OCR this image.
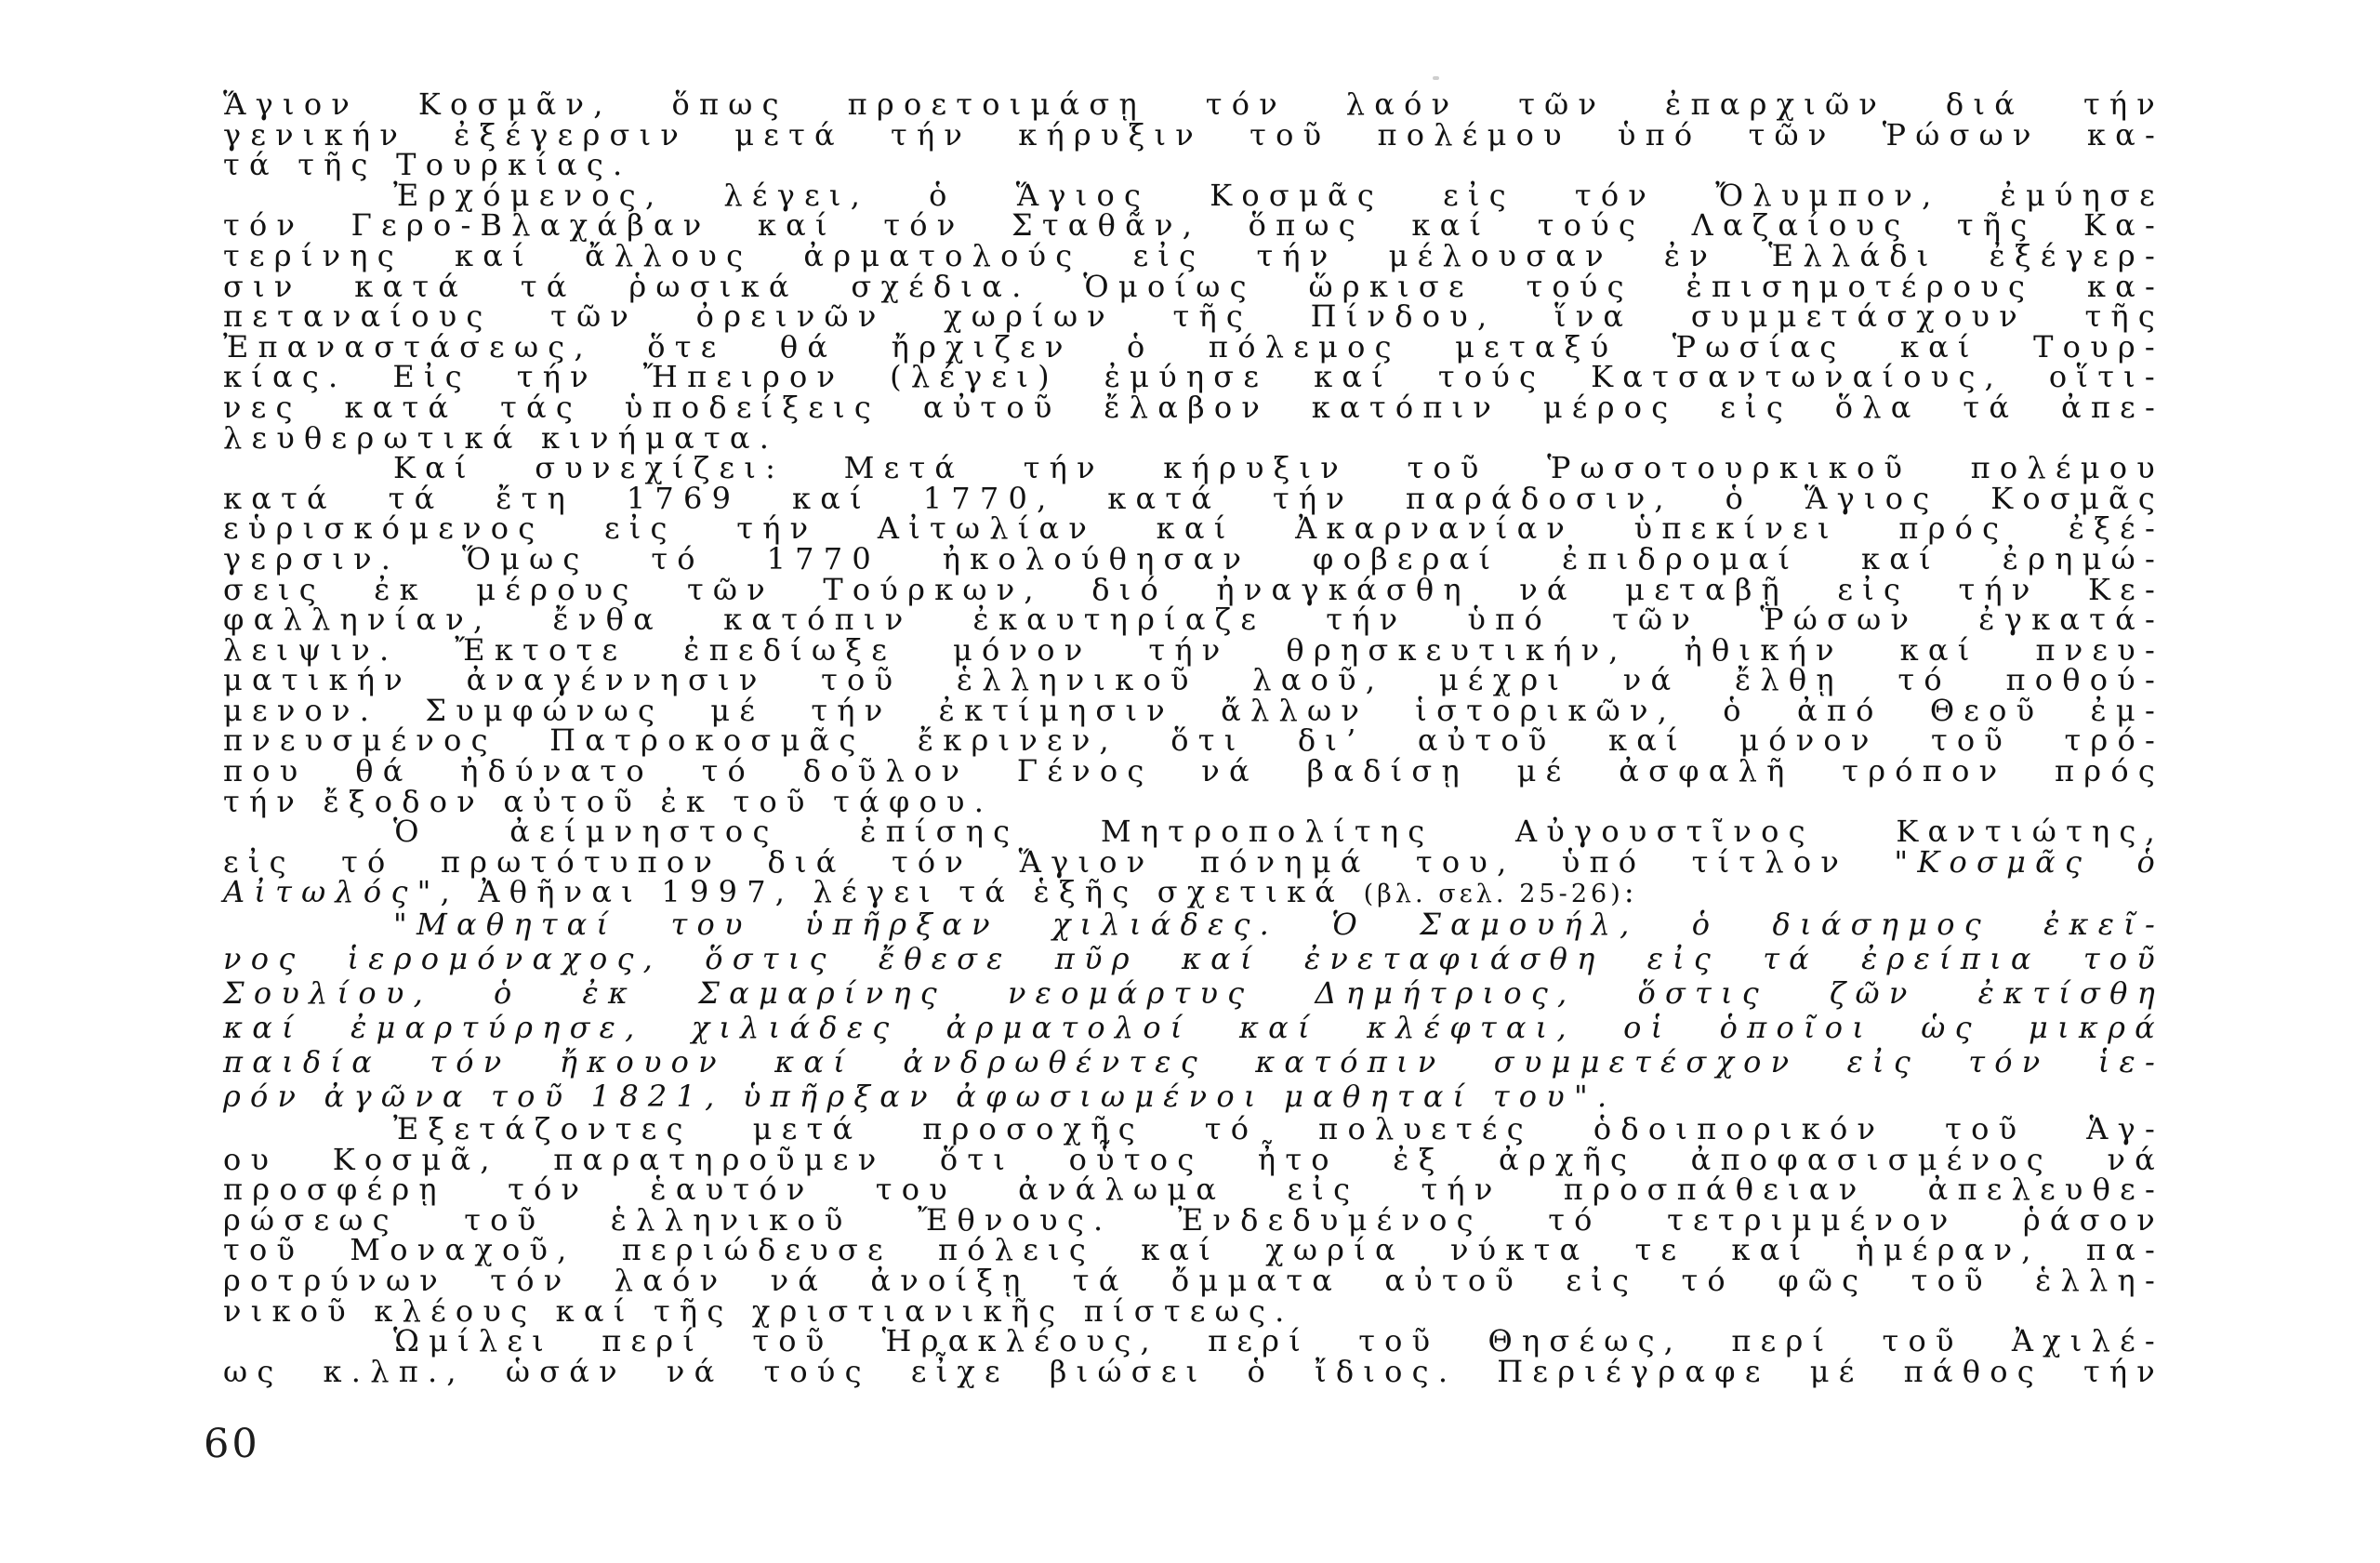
Ἅγιον Κοσμᾶν, ὅπως προετοιμάσῃ τόν λαόν τῶν ἐπαρχιῶν διά τήν
γενικήν ἐξέγερσιν μετά τήν κήρυξιν τοῦ πολέμου ὑπό τῶν Ῥώσων κα-
τά τῆς Τουρκίας.
Ἐρχόμενος, λέγει, ὁ Ἅγιος Κοσμᾶς εἰς τόν Ὄλυμπον, ἐμύησε
τόν Γερο-Βλαχάβαν καί τόν Σταθᾶν, ὅπως καί τούς Λαζαίους τῆς Κα-
τερίνης καί ἄλλους ἀρματολούς εἰς τήν μέλουσαν ἐν Ἑλλάδι ἐξέγερ-
σιν κατά τά ῥωσικά σχέδια. Ὁμοίως ὥρκισε τούς ἐπισημοτέρους κα-
πεταναίους τῶν ὀρεινῶν χωρίων τῆς Πίνδου, ἵνα συμμετάσχουν τῆς
Ἐπαναστάσεως, ὅτε θά ἤρχιζεν ὁ πόλεμος μεταξύ Ῥωσίας καί Τουρ-
κίας. Εἰς τήν Ἤπειρον (λέγει) ἐμύησε καί τούς Κατσαντωναίους, οἵτι-
νες κατά τάς ὑποδείξεις αὐτοῦ ἔλαβον κατόπιν μέρος εἰς ὅλα τά ἀπε-
λευθερωτικά κινήματα.
Καί συνεχίζει: Μετά τήν κήρυξιν τοῦ Ῥωσοτουρκικοῦ πολέμου
κατά τά ἔτη 1769 καί 1770, κατά τήν παράδοσιν, ὁ Ἅγιος Κοσμᾶς
εὑρισκόμενος εἰς τήν Αἰτωλίαν καί Ἀκαρνανίαν ὑπεκίνει πρός ἐξέ-
γερσιν. Ὅμως τό 1770 ἠκολούθησαν φοβεραί ἐπιδρομαί καί ἐρημώ-
σεις ἐκ μέρους τῶν Τούρκων, διό ἠναγκάσθη νά μεταβῇ εἰς τήν Κε-
φαλληνίαν, ἔνθα κατόπιν ἐκαυτηρίαζε τήν ὑπό τῶν Ῥώσων ἐγκατά-
λειψιν. Ἔκτοτε ἐπεδίωξε μόνον τήν θρησκευτικήν, ἠθικήν καί πνευ-
ματικήν ἀναγέννησιν τοῦ ἑλληνικοῦ λαοῦ, μέχρι νά ἔλθῃ τό ποθού-
μενον. Συμφώνως μέ τήν ἐκτίμησιν ἄλλων ἱστορικῶν, ὁ ἀπό Θεοῦ ἐμ-
πνευσμένος Πατροκοσμᾶς ἔκρινεν, ὅτι δι’ αὐτοῦ καί μόνον τοῦ τρό-
που θά ἠδύνατο τό δοῦλον Γένος νά βαδίσῃ μέ ἀσφαλῆ τρόπον πρός
τήν ἔξοδον αὐτοῦ ἐκ τοῦ τάφου.
Ὁ ἀείμνηστος ἐπίσης Μητροπολίτης Αὐγουστῖνος Καντιώτης,
εἰς τό πρωτότυπον διά τόν Ἅγιον πόνημά του, ὑπό τίτλον "Κοσμᾶς ὁ
Αἰτωλός", Ἀθῆναι 1997, λέγει τά ἑξῆς σχετικά (βλ. σελ. 25-26):
"Μαθηταί του ὑπῆρξαν χιλιάδες. Ὁ Σαμουήλ, ὁ διάσημος ἐκεῖ-
νος ἱερομόναχος, ὅστις ἔθεσε πῦρ καί ἐνεταφιάσθη εἰς τά ἐρείπια τοῦ
Σουλίου, ὁ ἐκ Σαμαρίνης νεομάρτυς Δημήτριος, ὅστις ζῶν ἐκτίσθη
καί ἐμαρτύρησε, χιλιάδες ἀρματολοί καί κλέφται, οἱ ὁποῖοι ὡς μικρά
παιδία τόν ἤκουον καί ἀνδρωθέντες κατόπιν συμμετέσχον εἰς τόν ἱε-
ρόν ἀγῶνα τοῦ 1821, ὑπῆρξαν ἀφωσιωμένοι μαθηταί του".
Ἐξετάζοντες μετά προσοχῆς τό πολυετές ὁδοιπορικόν τοῦ Ἁγ-
ου Κοσμᾶ, παρατηροῦμεν ὅτι οὗτος ἦτο ἐξ ἀρχῆς ἀποφασισμένος νά
προσφέρῃ τόν ἑαυτόν του ἀνάλωμα εἰς τήν προσπάθειαν ἀπελευθε-
ρώσεως τοῦ ἑλληνικοῦ Ἔθνους. Ἐνδεδυμένος τό τετριμμένον ῥάσον
τοῦ Μοναχοῦ, περιώδευσε πόλεις καί χωρία νύκτα τε καί ἡμέραν, πα-
ροτρύνων τόν λαόν νά ἀνοίξῃ τά ὄμματα αὐτοῦ εἰς τό φῶς τοῦ ἑλλη-
νικοῦ κλέους καί τῆς χριστιανικῆς πίστεως.
Ὡμίλει περί τοῦ Ἡρακλέους, περί τοῦ Θησέως, περί τοῦ Ἀχιλέ-
ως κ.λπ., ὡσάν νά τούς εἶχε βιώσει ὁ ἴδιος. Περιέγραφε μέ πάθος τήν
60
